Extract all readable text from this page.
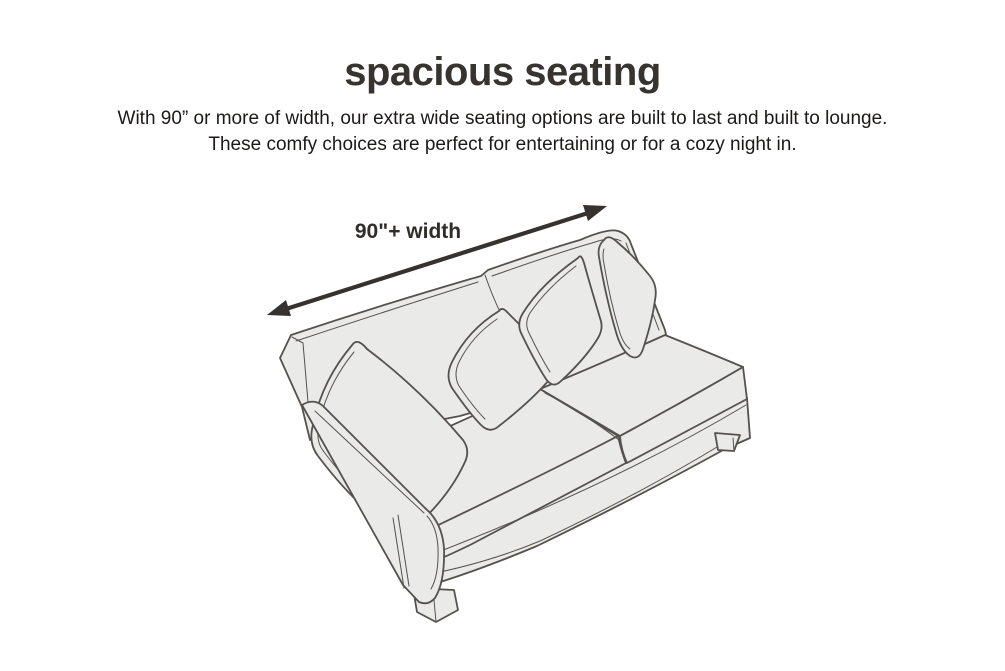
spacious seating
With 90” or more of width, our extra wide seating options are built to last and built to lounge.
These comfy choices are perfect for entertaining or for a cozy night in.
90"+ width
